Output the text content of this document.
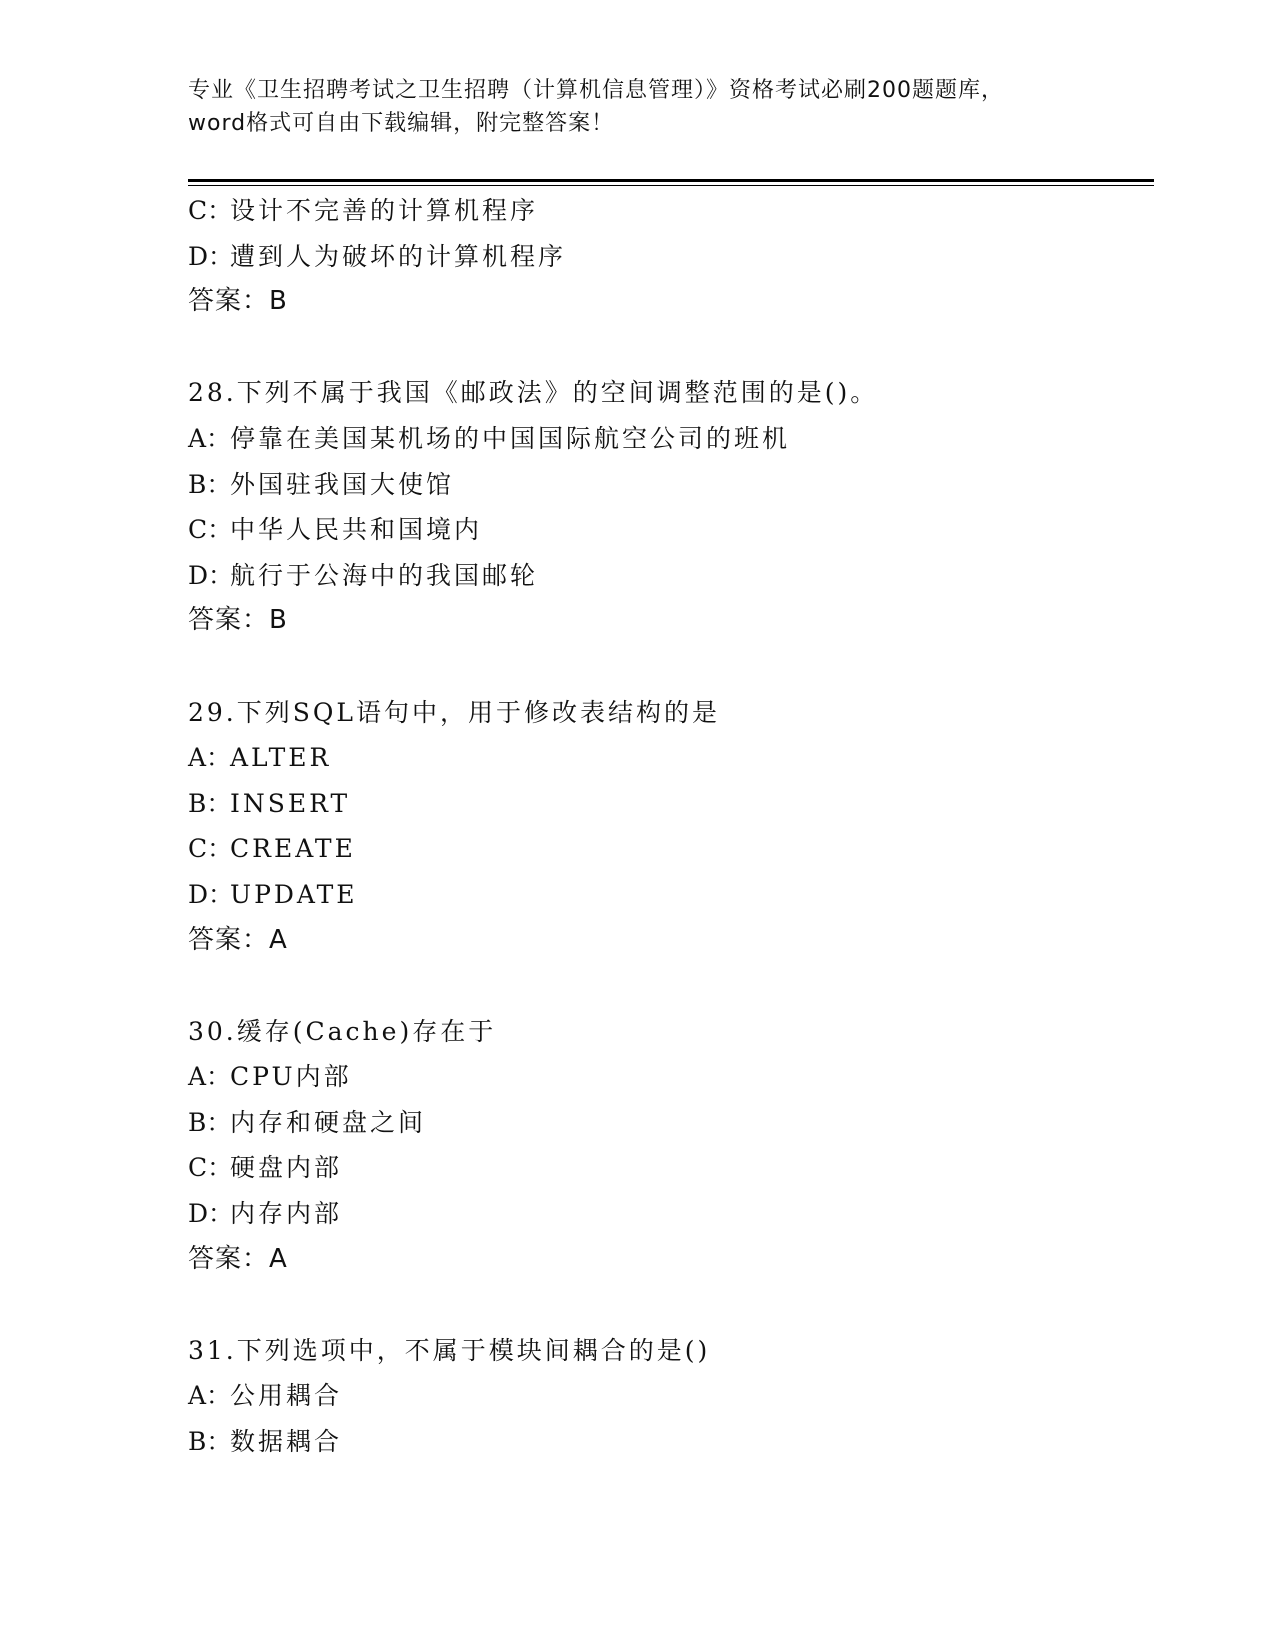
专业《卫生招聘考试之卫生招聘（计算机信息管理）》资格考试必刷200题题库，
word格式可自由下载编辑，附完整答案！
C：设计不完善的计算机程序
D：遭到人为破坏的计算机程序
答案：B
28.下列不属于我国《邮政法》的空间调整范围的是()。
A：停靠在美国某机场的中国国际航空公司的班机
B：外国驻我国大使馆
C：中华人民共和国境内
D：航行于公海中的我国邮轮
答案：B
29.下列SQL语句中，用于修改表结构的是
A：ALTER
B：INSERT
C：CREATE
D：UPDATE
答案：A
30.缓存(Cache)存在于
A：CPU内部
B：内存和硬盘之间
C：硬盘内部
D：内存内部
答案：A
31.下列选项中，不属于模块间耦合的是()
A：公用耦合
B：数据耦合
